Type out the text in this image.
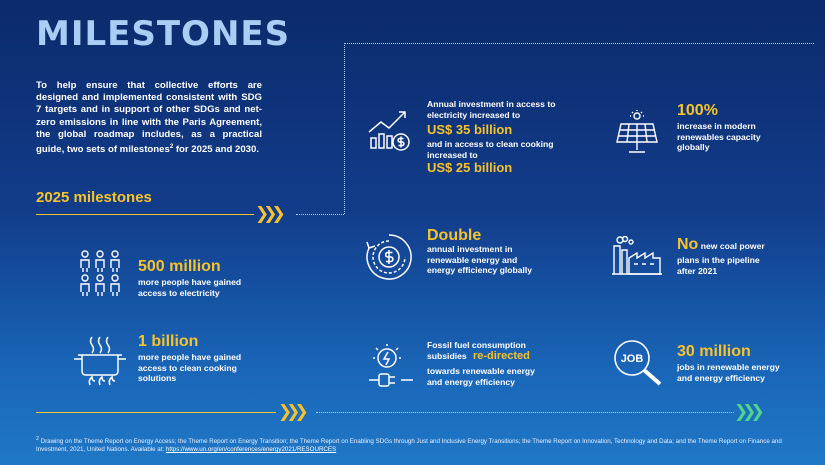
MILESTONES
To help ensure that collective efforts are designed and implemented consistent with SDG 7 targets and in support of other SDGs and net-zero emissions in line with the Paris Agreement, the global roadmap includes, as a practical guide, two sets of milestones$^2$ for 2025 and 2030.
2025 milestones
❯❯❯
❯❯❯	❯❯❯
500 million
more people have gained access to electricity
1 billion
more people have gained access to clean cooking solutions
Annual investment in access to electricity increased to
US$ 35 billion
and in access to clean cooking increased to
US$ 25 billion
100%
increase in modern renewables capacity globally
Double
annual investment in renewable energy and energy efficiency globally
No new coal power
plans in the pipeline after 2021
Fossil fuel consumption subsidies re-directed
towards renewable energy and energy efficiency
JOB 30 million
jobs in renewable energy and energy efficiency
$^2$ Drawing on the Theme Report on Energy Access; the Theme Report on Energy Transition; the Theme Report on Enabling SDGs through Just and Inclusive Energy Transitions; the Theme Report on Innovation, Technology and Data; and the Theme Report on Finance and Investment, 2021, United Nations. Available at: https://www.un.org/en/conferences/energy2021/RESOURCES
